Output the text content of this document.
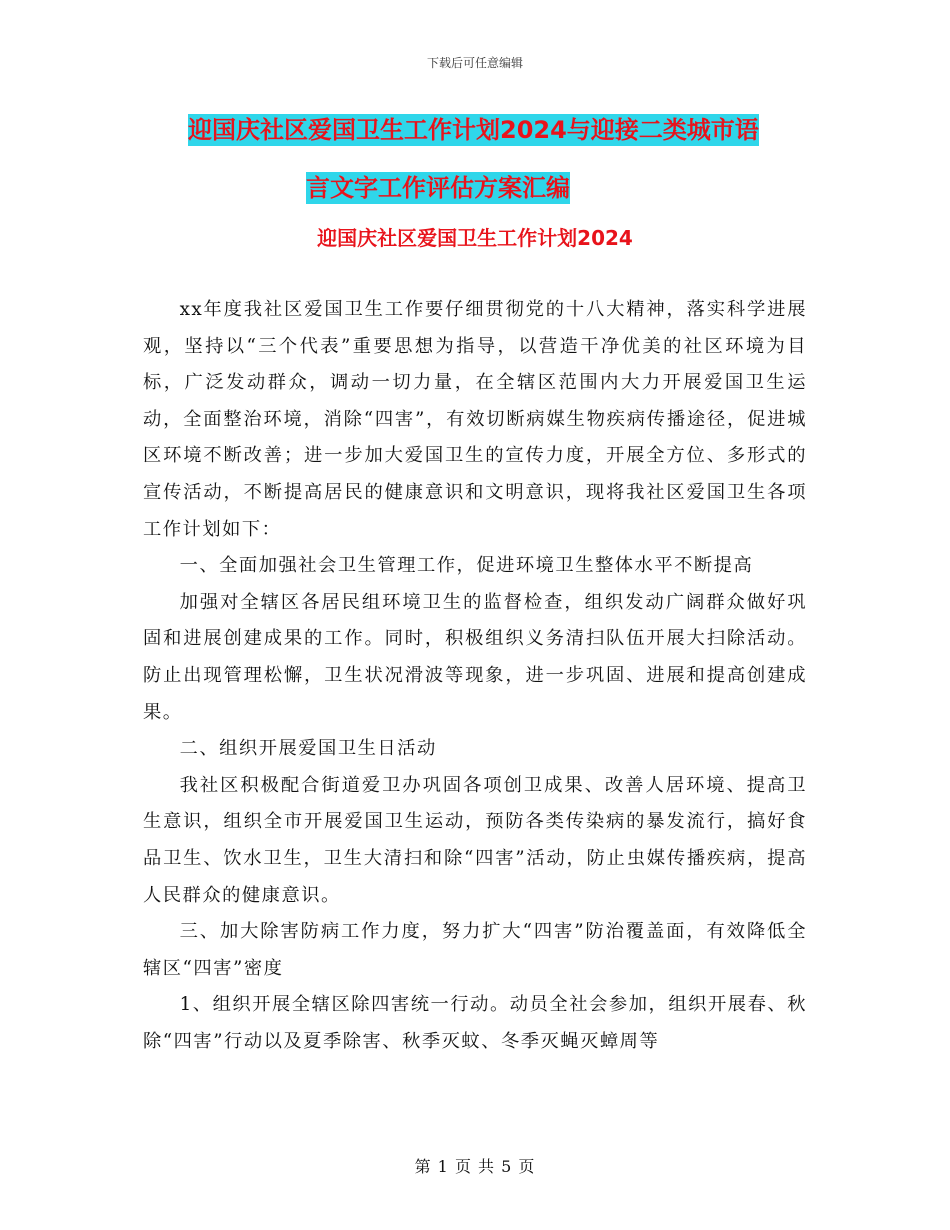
下载后可任意编辑
迎国庆社区爱国卫生工作计划2024与迎接二类城市语
言文字工作评估方案汇编
迎国庆社区爱国卫生工作计划2024

xx年度我社区爱国卫生工作要仔细贯彻党的十八大精神，落实科学进展观，坚持以“三个代表”重要思想为指导，以营造干净优美的社区环境为目标，广泛发动群众，调动一切力量，在全辖区范围内大力开展爱国卫生运动，全面整治环境，消除“四害”，有效切断病媒生物疾病传播途径，促进城区环境不断改善；进一步加大爱国卫生的宣传力度，开展全方位、多形式的宣传活动，不断提高居民的健康意识和文明意识，现将我社区爱国卫生各项工作计划如下：

一、全面加强社会卫生管理工作，促进环境卫生整体水平不断提高

加强对全辖区各居民组环境卫生的监督检查，组织发动广阔群众做好巩固和进展创建成果的工作。同时，积极组织义务清扫队伍开展大扫除活动。防止出现管理松懈，卫生状况滑波等现象，进一步巩固、进展和提高创建成果。

二、组织开展爱国卫生日活动

我社区积极配合街道爱卫办巩固各项创卫成果、改善人居环境、提高卫生意识，组织全市开展爱国卫生运动，预防各类传染病的暴发流行，搞好食品卫生、饮水卫生，卫生大清扫和除“四害”活动，防止虫媒传播疾病，提高人民群众的健康意识。

三、加大除害防病工作力度，努力扩大“四害”防治覆盖面，有效降低全辖区“四害”密度

1、组织开展全辖区除四害统一行动。动员全社会参加，组织开展春、秋除“四害”行动以及夏季除害、秋季灭蚊、冬季灭蝇灭蟑周等

第 1 页 共 5 页
